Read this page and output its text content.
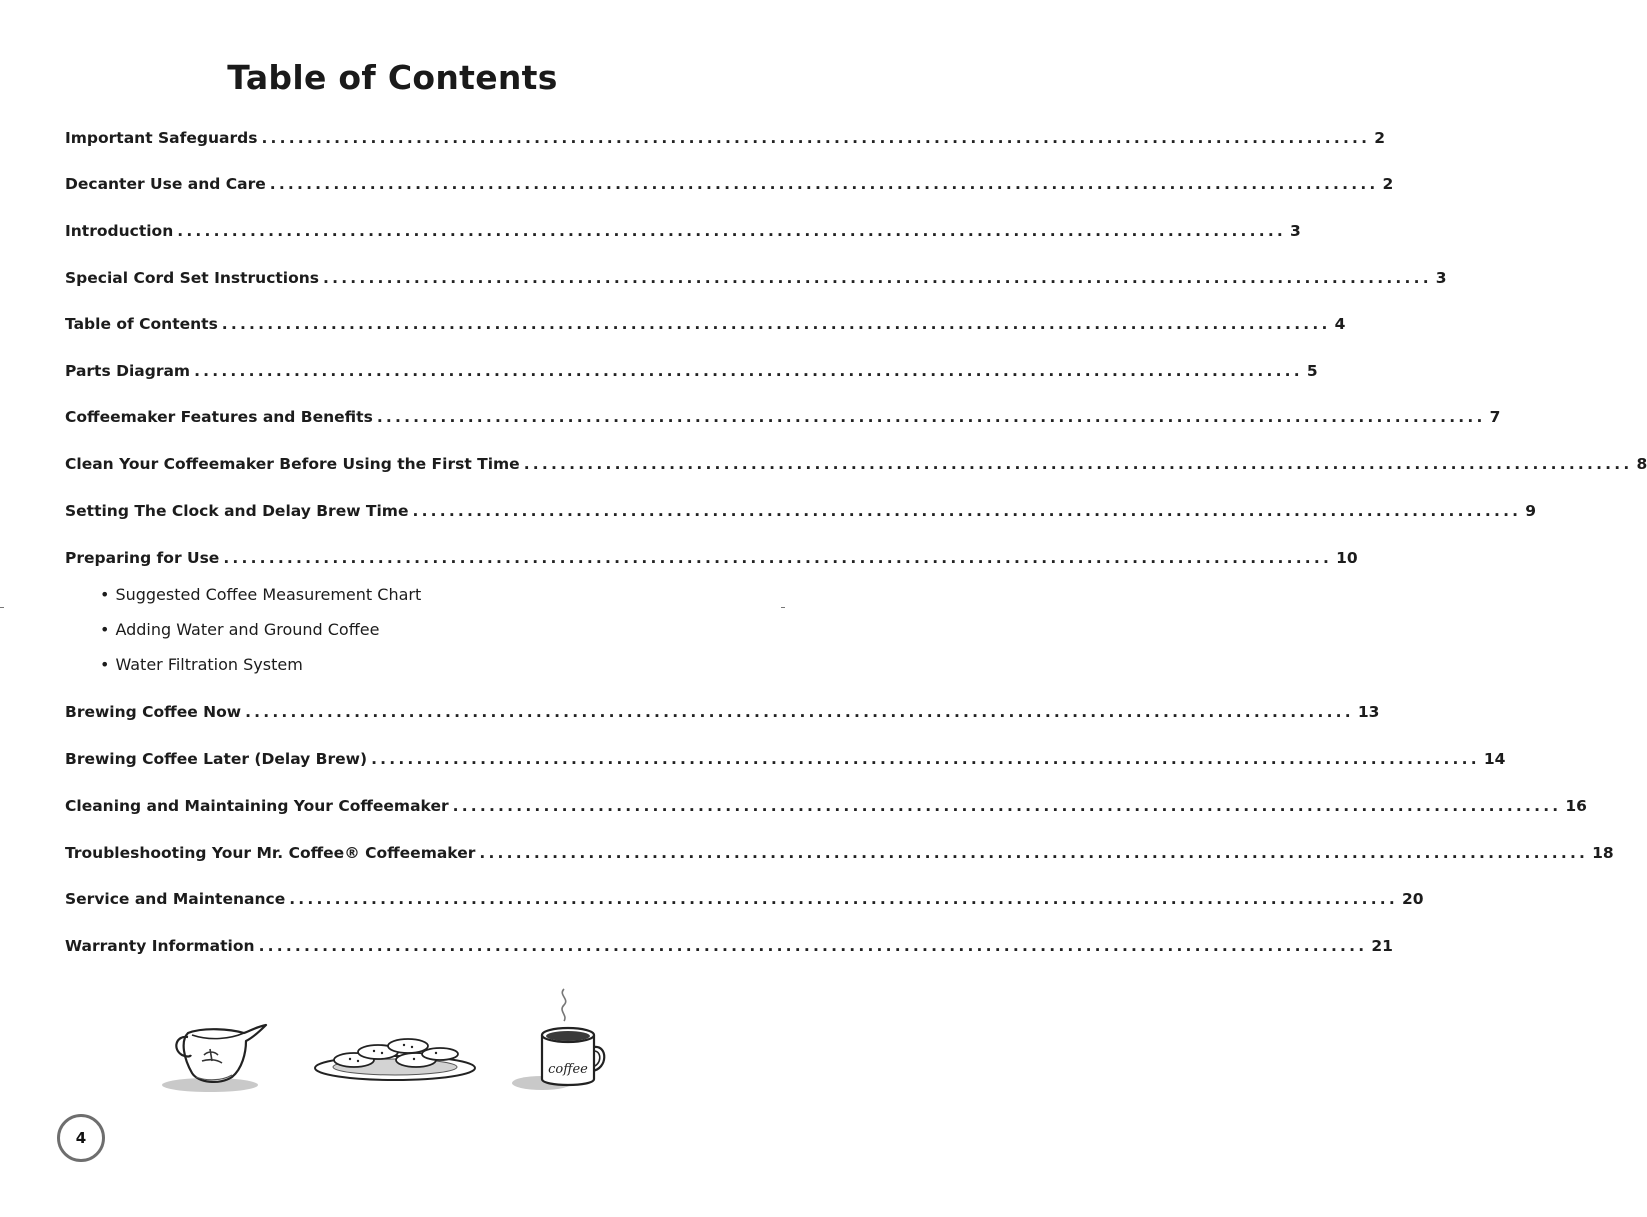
Table of Contents
Important Safeguards .......................................................................................................................... 2
Decanter Use and Care .......................................................................................................................... 2
Introduction .......................................................................................................................... 3
Special Cord Set Instructions .......................................................................................................................... 3
Table of Contents .......................................................................................................................... 4
Parts Diagram .......................................................................................................................... 5
Coffeemaker Features and Benefits .......................................................................................................................... 7
Clean Your Coffeemaker Before Using the First Time .......................................................................................................................... 8
Setting The Clock and Delay Brew Time .......................................................................................................................... 9
Preparing for Use .......................................................................................................................... 10
• Suggested Coffee Measurement Chart
• Adding Water and Ground Coffee
• Water Filtration System
Brewing Coffee Now .......................................................................................................................... 13
Brewing Coffee Later (Delay Brew) .......................................................................................................................... 14
Cleaning and Maintaining Your Coffeemaker .......................................................................................................................... 16
Troubleshooting Your Mr. Coffee® Coffeemaker .......................................................................................................................... 18
Service and Maintenance .......................................................................................................................... 20
Warranty Information .......................................................................................................................... 21
coffee
4
